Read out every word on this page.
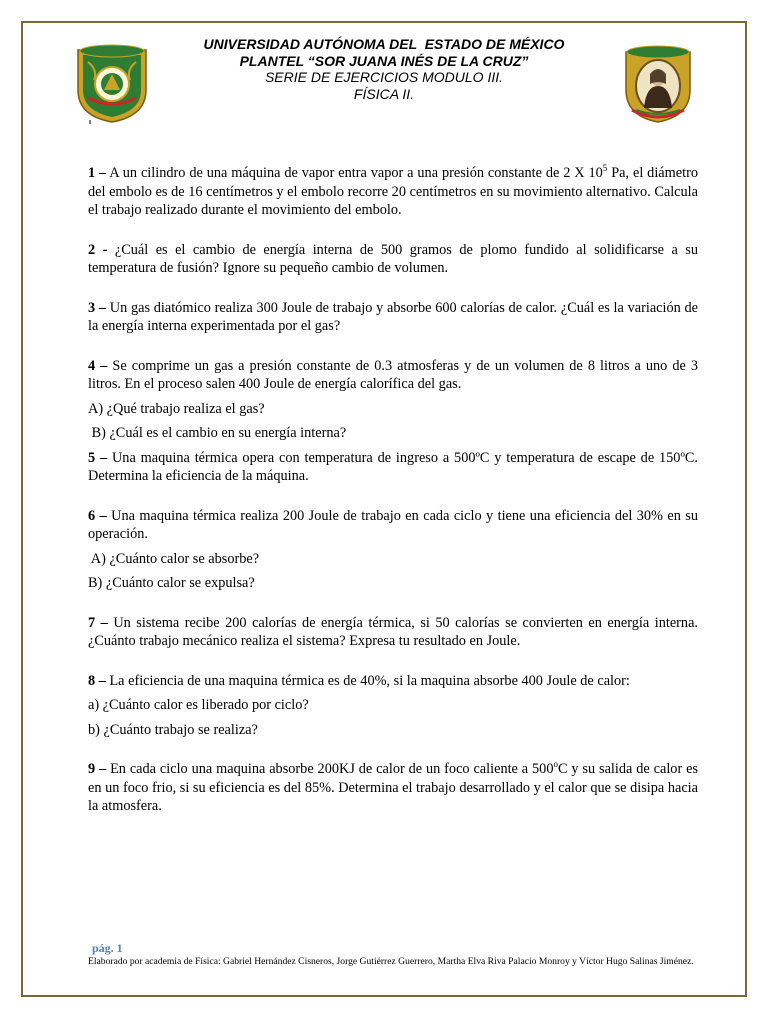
UNIVERSIDAD AUTÓNOMA DEL  ESTADO DE MÉXICO
PLANTEL “SOR JUANA INÉS DE LA CRUZ”
SERIE DE EJERCICIOS MODULO III.
FÍSICA II.

1 – A un cilindro de una máquina de vapor entra vapor a una presión constante de 2 X $10^5$ Pa, el diámetro del embolo es de 16 centímetros y el embolo recorre 20 centímetros en su movimiento alternativo. Calcula el trabajo realizado durante el movimiento del embolo.

2 - ¿Cuál es el cambio de energía interna de 500 gramos de plomo fundido al solidificarse a su temperatura de fusión? Ignore su pequeño cambio de volumen.

3 – Un gas diatómico realiza 300 Joule de trabajo y absorbe 600 calorías de calor. ¿Cuál es la variación de la energía interna experimentada por el gas?

4 – Se comprime un gas a presión constante de 0.3 atmosferas y de un volumen de 8 litros a uno de 3 litros. En el proceso salen 400 Joule de energía calorífica del gas.

A) ¿Qué trabajo realiza el gas?

B) ¿Cuál es el cambio en su energía interna?

5 – Una maquina térmica opera con temperatura de ingreso a 500ºC y temperatura de escape de 150ºC. Determina la eficiencia de la máquina.

6 – Una maquina térmica realiza 200 Joule de trabajo en cada ciclo y tiene una eficiencia del 30% en su operación.

A) ¿Cuánto calor se absorbe?

B) ¿Cuánto calor se expulsa?

7 – Un sistema recibe 200 calorías de energía térmica, si 50 calorías se convierten en energía interna. ¿Cuánto trabajo mecánico realiza el sistema? Expresa tu resultado en Joule.

8 – La eficiencia de una maquina térmica es de 40%, si la maquina absorbe 400 Joule de calor:

a) ¿Cuánto calor es liberado por ciclo?

b) ¿Cuánto trabajo se realiza?

9 – En cada ciclo una maquina absorbe 200KJ de calor de un foco caliente a 500$^o$C y su salida de calor es en un foco frio, si su eficiencia es del 85%. Determina el trabajo desarrollado y el calor que se disipa hacia la atmosfera.

pág. 1
Elaborado por academia de Física: Gabriel Hernández Cisneros, Jorge Gutiérrez Guerrero, Martha Elva Riva Palacio Monroy y Víctor Hugo Salinas Jiménez.
